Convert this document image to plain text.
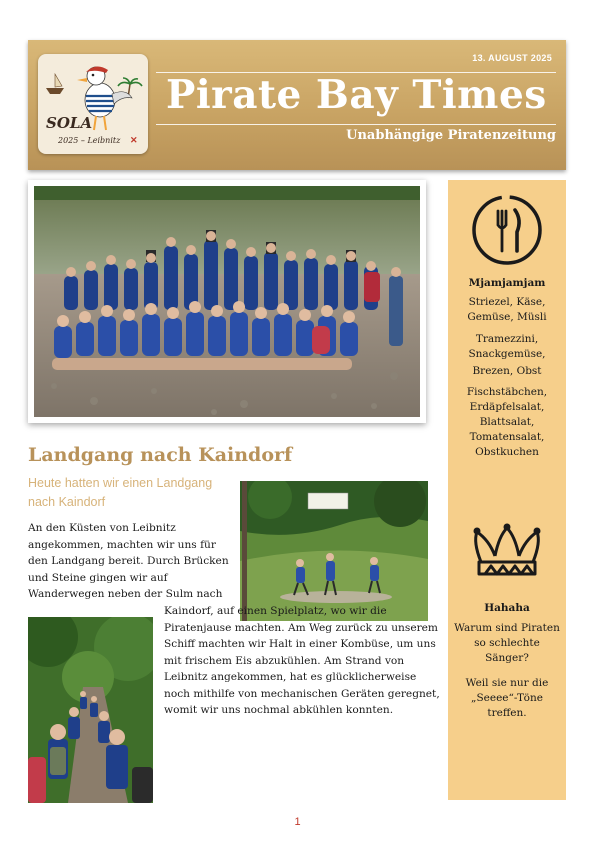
SOLA
2025 – Leibnitz ✕
13. AUGUST 2025
Pirate Bay Times
Unabhängige Piratenzeitung
Landgang nach Kaindorf

Heute hatten wir einen Landgang nach Kaindorf

An den Küsten von Leibnitz angekommen, machten wir uns für den Landgang bereit. Durch Brücken und Steine gingen wir auf Wanderwegen neben der Sulm nach

Kaindorf, auf einen Spielplatz, wo wir die Piratenjause machten. Am Weg zurück zu unserem Schiff machten wir Halt in einer Kombüse, um uns mit frischem Eis abzukühlen. Am Strand von Leibnitz angekommen, hat es glücklicherweise noch mithilfe von mechanischen Geräten geregnet, womit wir uns nochmal abkühlen konnten.

Mjamjamjam
Striezel, Käse, Gemüse, Müsli
Tramezzini, Snackgemüse,
Brezen, Obst
Fischstäbchen, Erdäpfelsalat, Blattsalat, Tomatensalat, Obstkuchen
Hahaha
Warum sind Piraten so schlechte Sänger?
Weil sie nur die „Seeee“-Töne treffen.
1
